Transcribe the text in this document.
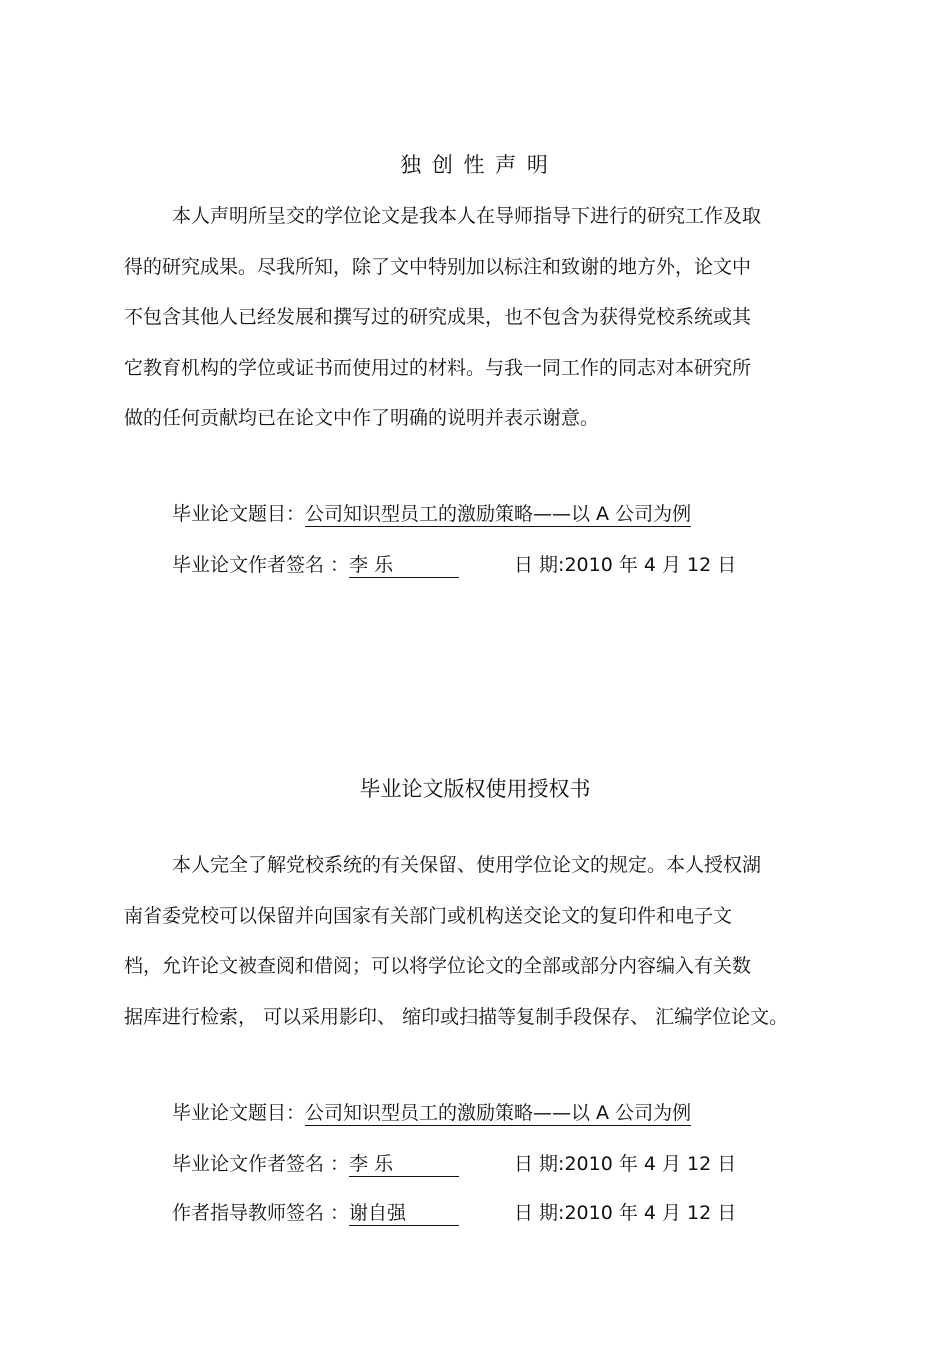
独 创 性 声 明
本人声明所呈交的学位论文是我本人在导师指导下进行的研究工作及取
得的研究成果。尽我所知，除了文中特别加以标注和致谢的地方外，论文中
不包含其他人已经发展和撰写过的研究成果，也不包含为获得党校系统或其
它教育机构的学位或证书而使用过的材料。与我一同工作的同志对本研究所
做的任何贡献均已在论文中作了明确的说明并表示谢意。
毕业论文题目：公司知识型员工的激励策略——以 A 公司为例
毕业论文作者签名 ：李 乐	日 期:2010 年 4 月 12 日
毕业论文版权使用授权书
本人完全了解党校系统的有关保留、使用学位论文的规定。本人授权湖
南省委党校可以保留并向国家有关部门或机构送交论文的复印件和电子文
档，允许论文被查阅和借阅；可以将学位论文的全部或部分内容编入有关数
据库进行检索， 可以采用影印、 缩印或扫描等复制手段保存、 汇编学位论文。
毕业论文题目：公司知识型员工的激励策略——以 A 公司为例
毕业论文作者签名 ：李 乐	日 期:2010 年 4 月 12 日
作者指导教师签名 ：谢自强	日 期:2010 年 4 月 12 日
